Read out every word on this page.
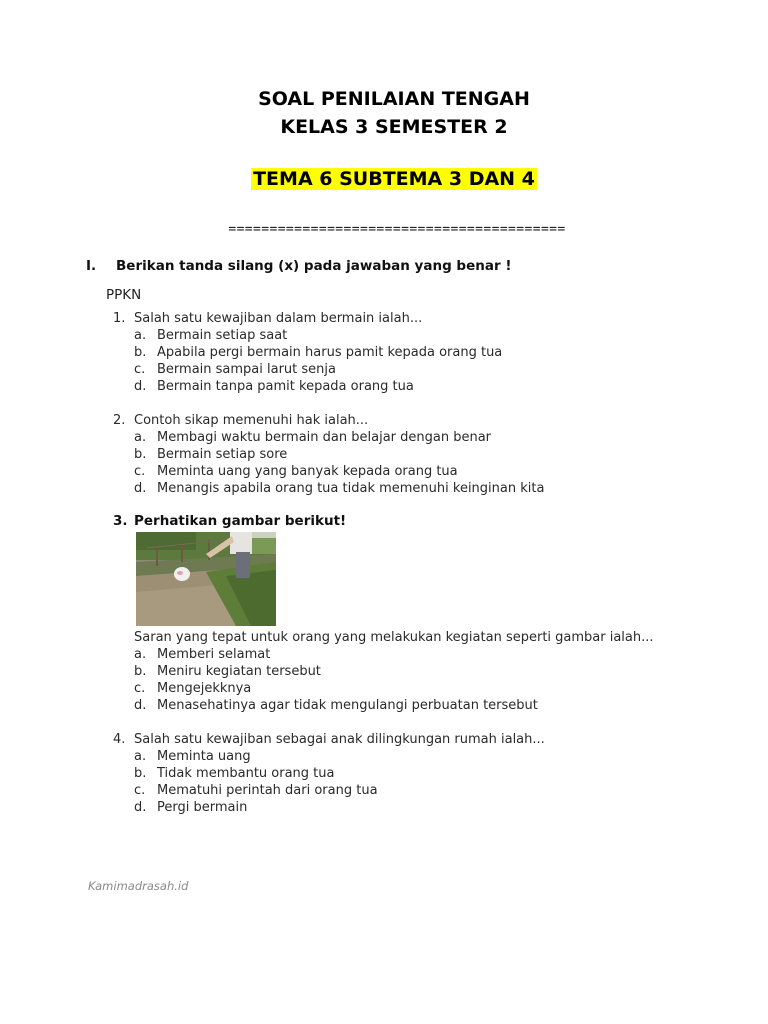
SOAL PENILAIAN TENGAH
KELAS 3 SEMESTER 2
TEMA 6 SUBTEMA 3 DAN 4
=========================================
I. Berikan tanda silang (x) pada jawaban yang benar !
PPKN
1. Salah satu kewajiban dalam bermain ialah...
a. Bermain setiap saat
b. Apabila pergi bermain harus pamit kepada orang tua
c. Bermain sampai larut senja
d. Bermain tanpa pamit kepada orang tua
2. Contoh sikap memenuhi hak ialah...
a. Membagi waktu bermain dan belajar dengan benar
b. Bermain setiap sore
c. Meminta uang yang banyak kepada orang tua
d. Menangis apabila orang tua tidak memenuhi keinginan kita
3. Perhatikan gambar berikut!
Saran yang tepat untuk orang yang melakukan kegiatan seperti gambar ialah...
a. Memberi selamat
b. Meniru kegiatan tersebut
c. Mengejekknya
d. Menasehatinya agar tidak mengulangi perbuatan tersebut
4. Salah satu kewajiban sebagai anak dilingkungan rumah ialah...
a. Meminta uang
b. Tidak membantu orang tua
c. Mematuhi perintah dari orang tua
d. Pergi bermain
Kamimadrasah.id
